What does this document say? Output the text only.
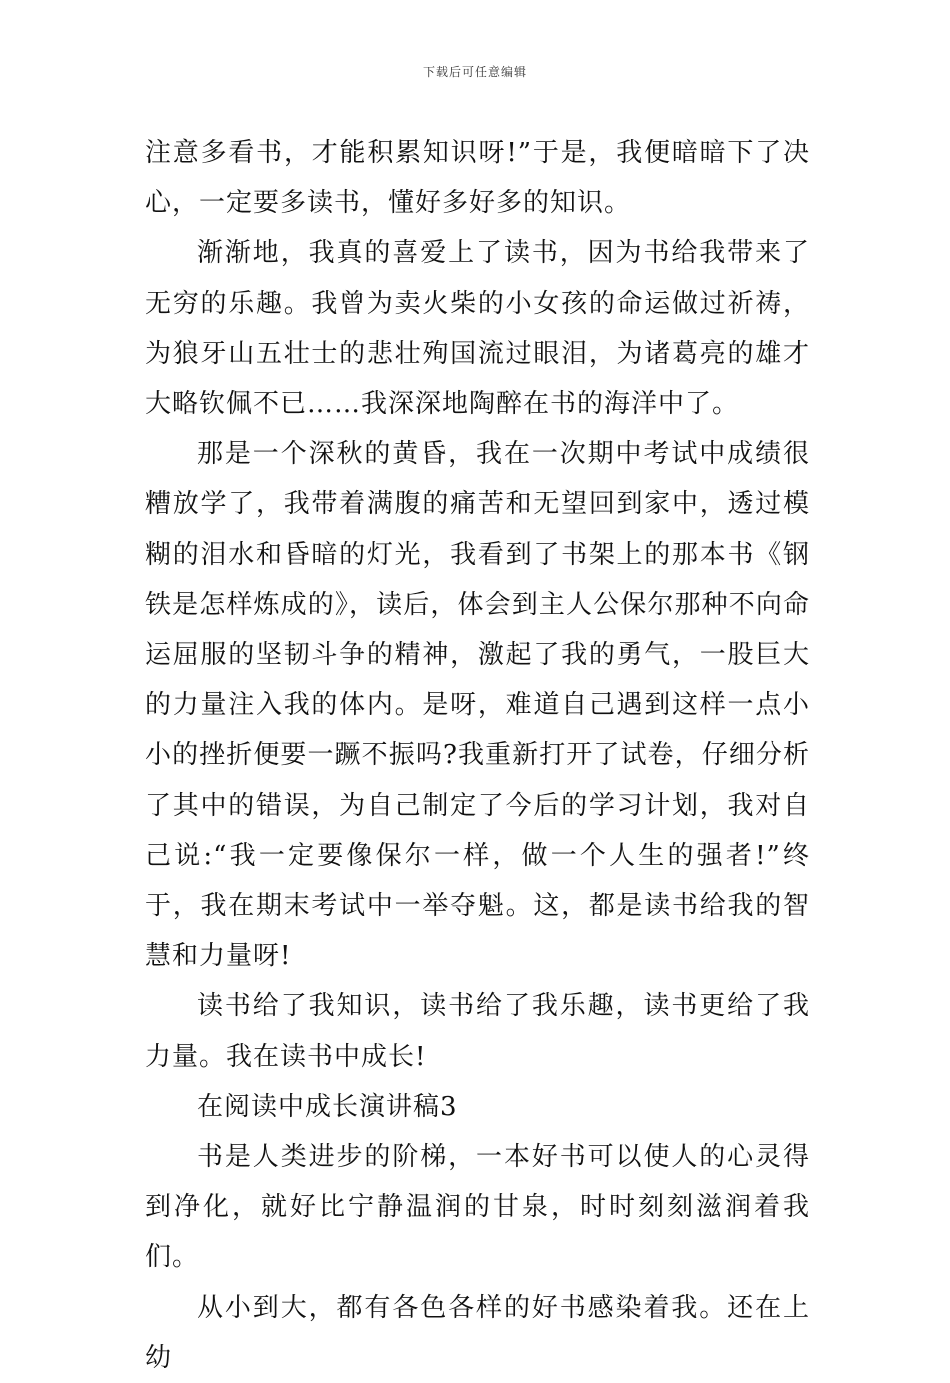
下载后可任意编辑

注意多看书，才能积累知识呀!”于是，我便暗暗下了决心，一定要多读书，懂好多好多的知识。

渐渐地，我真的喜爱上了读书，因为书给我带来了无穷的乐趣。我曾为卖火柴的小女孩的命运做过祈祷，为狼牙山五壮士的悲壮殉国流过眼泪，为诸葛亮的雄才大略钦佩不已……我深深地陶醉在书的海洋中了。

那是一个深秋的黄昏，我在一次期中考试中成绩很糟放学了，我带着满腹的痛苦和无望回到家中，透过模糊的泪水和昏暗的灯光，我看到了书架上的那本书《钢铁是怎样炼成的》，读后，体会到主人公保尔那种不向命运屈服的坚韧斗争的精神，激起了我的勇气，一股巨大的力量注入我的体内。是呀，难道自己遇到这样一点小小的挫折便要一蹶不振吗?我重新打开了试卷，仔细分析了其中的错误，为自己制定了今后的学习计划，我对自己说:“我一定要像保尔一样，做一个人生的强者!”终于，我在期末考试中一举夺魁。这，都是读书给我的智慧和力量呀!

读书给了我知识，读书给了我乐趣，读书更给了我力量。我在读书中成长!

在阅读中成长演讲稿3

书是人类进步的阶梯，一本好书可以使人的心灵得到净化，就好比宁静温润的甘泉，时时刻刻滋润着我们。

从小到大，都有各色各样的好书感染着我。还在上幼
